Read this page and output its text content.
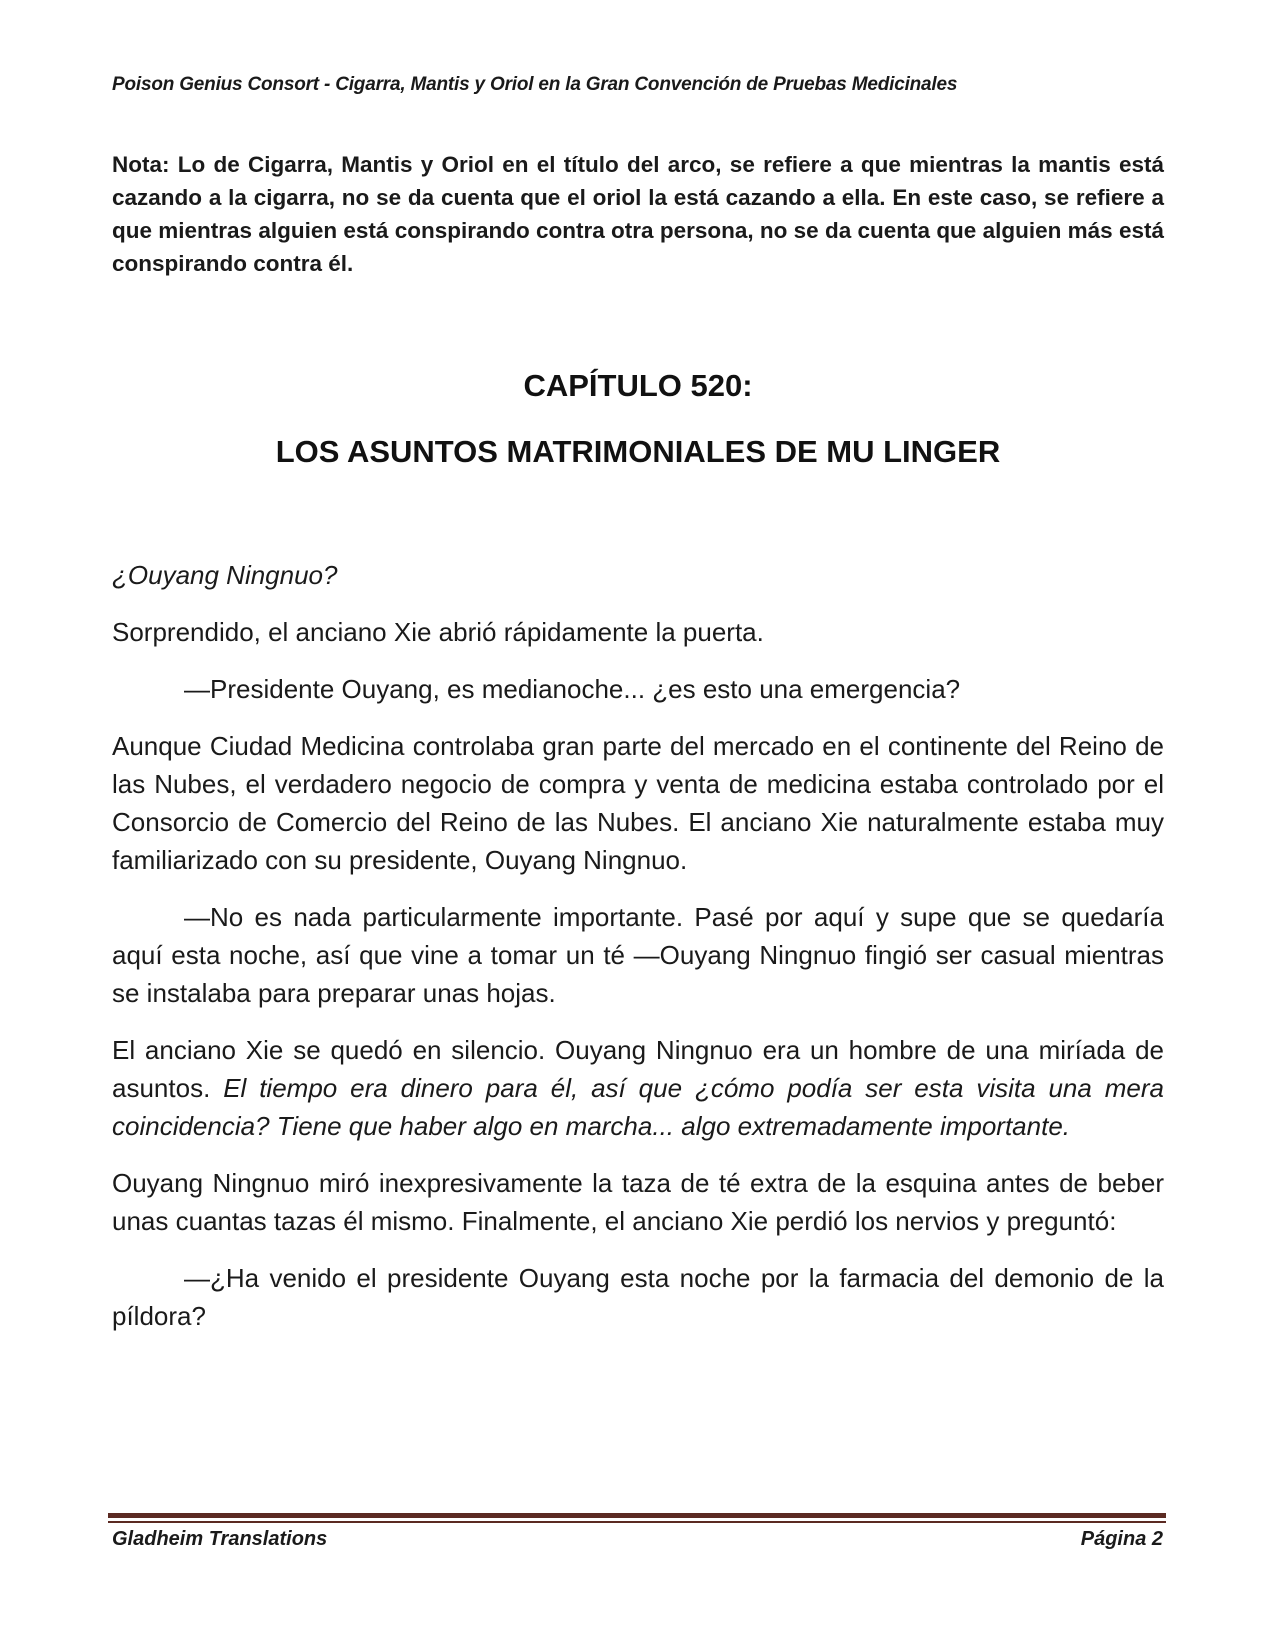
Poison Genius Consort - Cigarra, Mantis y Oriol en la Gran Convención de Pruebas Medicinales
Nota: Lo de Cigarra, Mantis y Oriol en el título del arco, se refiere a que mientras la mantis está cazando a la cigarra, no se da cuenta que el oriol la está cazando a ella. En este caso, se refiere a que mientras alguien está conspirando contra otra persona, no se da cuenta que alguien más está conspirando contra él.
CAPÍTULO 520:
LOS ASUNTOS MATRIMONIALES DE MU LINGER

¿Ouyang Ningnuo?

Sorprendido, el anciano Xie abrió rápidamente la puerta.

—Presidente Ouyang, es medianoche... ¿es esto una emergencia?

Aunque Ciudad Medicina controlaba gran parte del mercado en el continente del Reino de las Nubes, el verdadero negocio de compra y venta de medicina estaba controlado por el Consorcio de Comercio del Reino de las Nubes. El anciano Xie naturalmente estaba muy familiarizado con su presidente, Ouyang Ningnuo.

—No es nada particularmente importante. Pasé por aquí y supe que se quedaría aquí esta noche, así que vine a tomar un té —Ouyang Ningnuo fingió ser casual mientras se instalaba para preparar unas hojas.

El anciano Xie se quedó en silencio. Ouyang Ningnuo era un hombre de una miríada de asuntos. El tiempo era dinero para él, así que ¿cómo podía ser esta visita una mera coincidencia? Tiene que haber algo en marcha... algo extremadamente importante.

Ouyang Ningnuo miró inexpresivamente la taza de té extra de la esquina antes de beber unas cuantas tazas él mismo. Finalmente, el anciano Xie perdió los nervios y preguntó:

—¿Ha venido el presidente Ouyang esta noche por la farmacia del demonio de la píldora?

Gladheim Translations	Página 2
